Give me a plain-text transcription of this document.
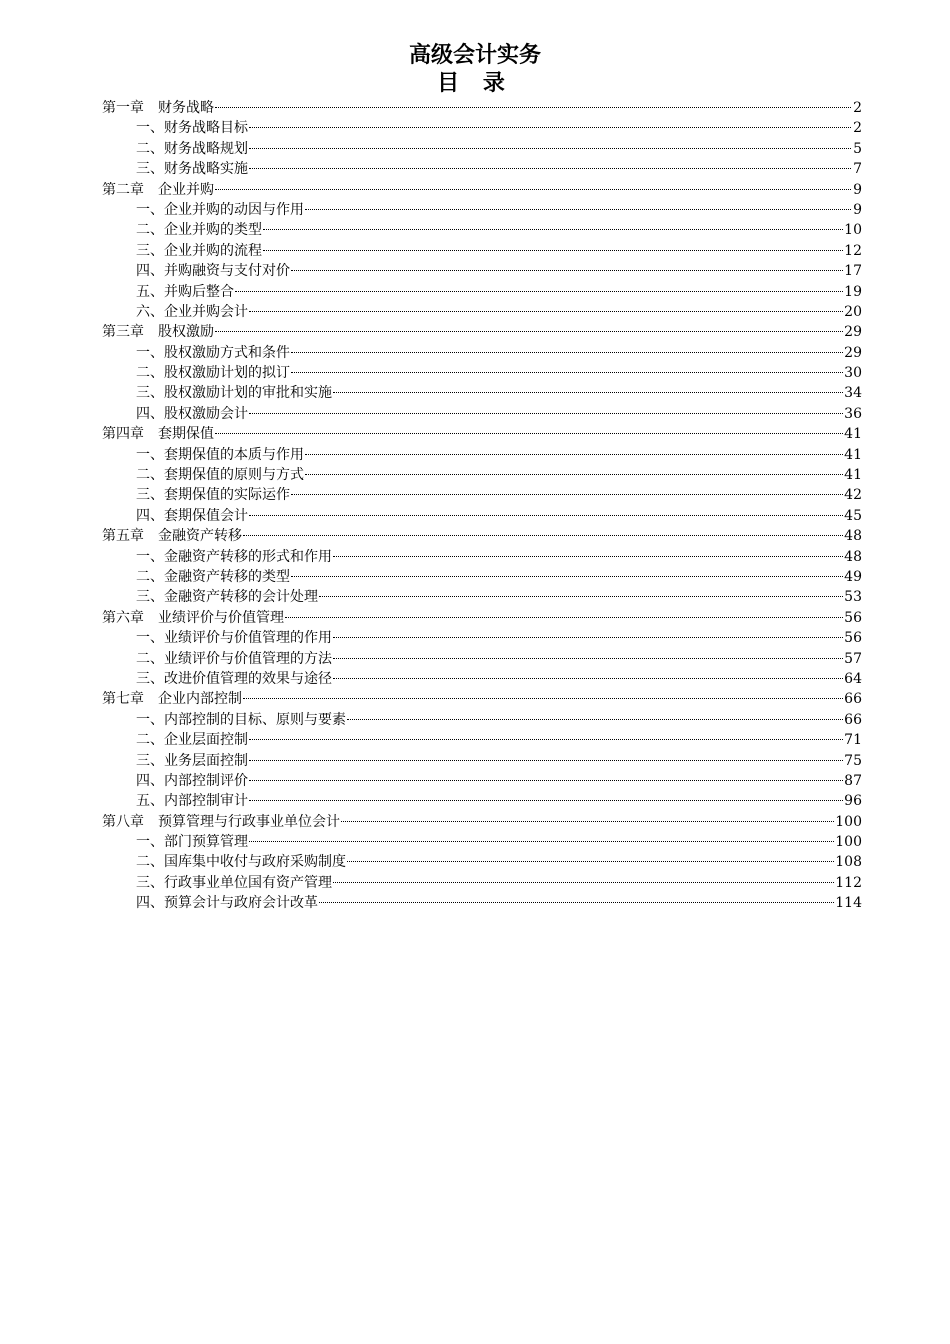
高级会计实务
目 录
第一章 财务战略	2
一、财务战略目标	2
二、财务战略规划	5
三、财务战略实施	7
第二章 企业并购	9
一、企业并购的动因与作用	9
二、企业并购的类型	10
三、企业并购的流程	12
四、并购融资与支付对价	17
五、并购后整合	19
六、企业并购会计	20
第三章 股权激励	29
一、股权激励方式和条件	29
二、股权激励计划的拟订	30
三、股权激励计划的审批和实施	34
四、股权激励会计	36
第四章 套期保值	41
一、套期保值的本质与作用	41
二、套期保值的原则与方式	41
三、套期保值的实际运作	42
四、套期保值会计	45
第五章 金融资产转移	48
一、金融资产转移的形式和作用	48
二、金融资产转移的类型	49
三、金融资产转移的会计处理	53
第六章 业绩评价与价值管理	56
一、业绩评价与价值管理的作用	56
二、业绩评价与价值管理的方法	57
三、改进价值管理的效果与途径	64
第七章 企业内部控制	66
一、内部控制的目标、原则与要素	66
二、企业层面控制	71
三、业务层面控制	75
四、内部控制评价	87
五、内部控制审计	96
第八章 预算管理与行政事业单位会计	100
一、部门预算管理	100
二、国库集中收付与政府采购制度	108
三、行政事业单位国有资产管理	112
四、预算会计与政府会计改革	114
